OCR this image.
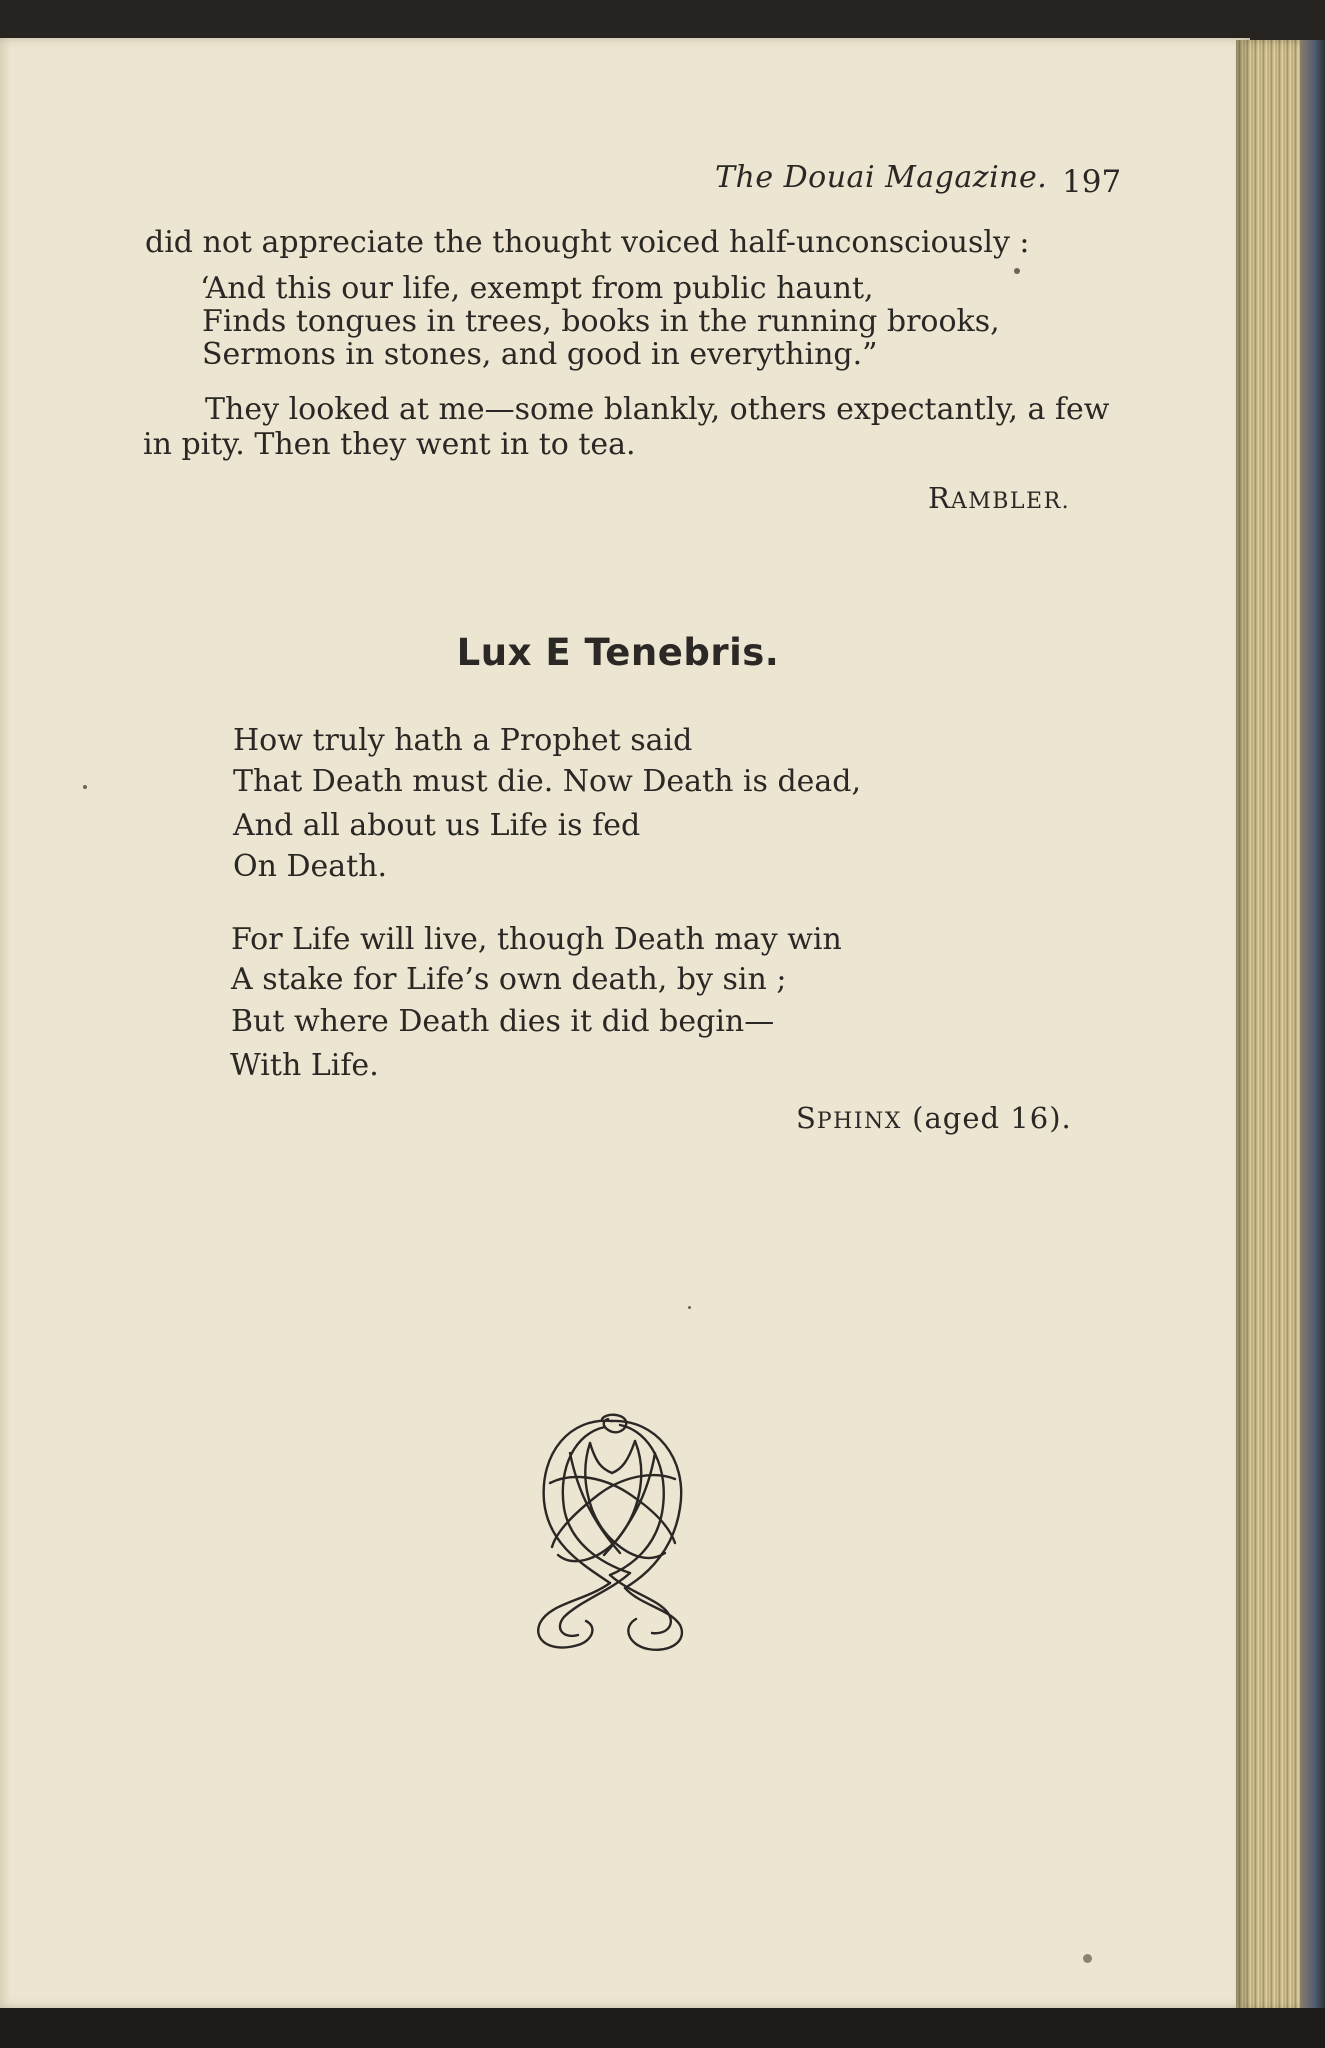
The Douai Magazine. 197
did not appreciate the thought voiced half-unconsciously :
‘And this our life, exempt from public haunt,
Finds tongues in trees, books in the running brooks,
Sermons in stones, and good in everything.”
They looked at me—some blankly, others expectantly, a few
in pity. Then they went in to tea.
RAMBLER.
Lux E Tenebris.
How truly hath a Prophet said
That Death must die. Now Death is dead,
And all about us Life is fed
On Death.
For Life will live, though Death may win
A stake for Life’s own death, by sin ;
But where Death dies it did begin—
With Life.
SPHINX (aged 16).
